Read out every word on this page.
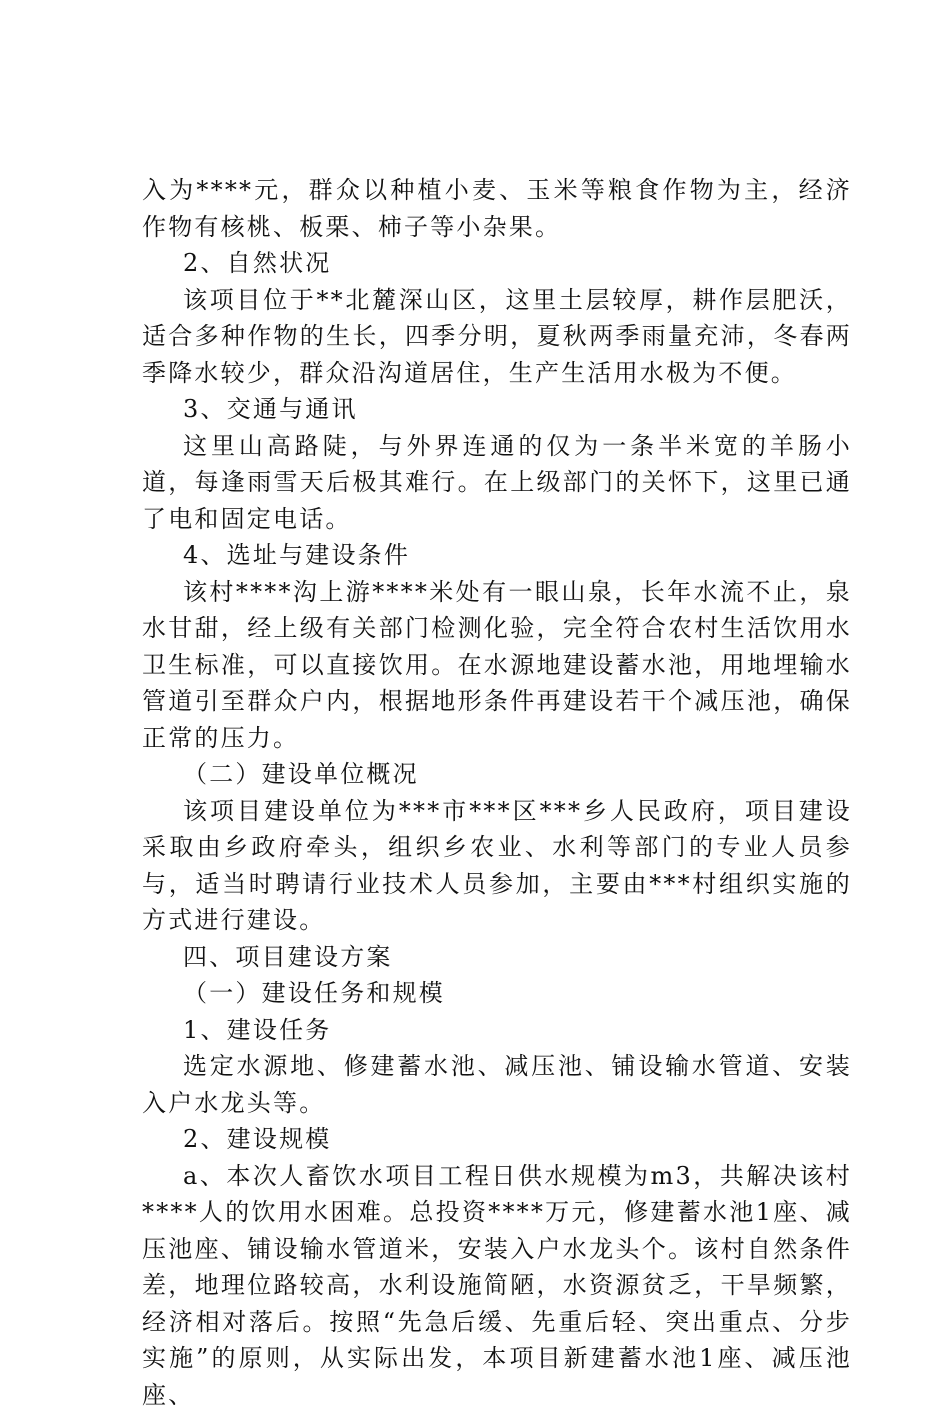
入为****元，群众以种植小麦、玉米等粮食作物为主，经济作物有核桃、板栗、柿子等小杂果。

2、自然状况

该项目位于**北麓深山区，这里土层较厚，耕作层肥沃，适合多种作物的生长，四季分明，夏秋两季雨量充沛，冬春两季降水较少，群众沿沟道居住，生产生活用水极为不便。

3、交通与通讯

这里山高路陡，与外界连通的仅为一条半米宽的羊肠小道，每逢雨雪天后极其难行。在上级部门的关怀下，这里已通了电和固定电话。

4、选址与建设条件

该村****沟上游****米处有一眼山泉，长年水流不止，泉水甘甜，经上级有关部门检测化验，完全符合农村生活饮用水卫生标准，可以直接饮用。在水源地建设蓄水池，用地埋输水管道引至群众户内，根据地形条件再建设若干个减压池，确保正常的压力。

（二）建设单位概况

该项目建设单位为***市***区***乡人民政府，项目建设采取由乡政府牵头，组织乡农业、水利等部门的专业人员参与，适当时聘请行业技术人员参加，主要由***村组织实施的方式进行建设。

四、项目建设方案

（一）建设任务和规模

1、建设任务

选定水源地、修建蓄水池、减压池、铺设输水管道、安装入户水龙头等。

2、建设规模

a、本次人畜饮水项目工程日供水规模为m3，共解决该村****人的饮用水困难。总投资****万元，修建蓄水池1座、减压池座、铺设输水管道米，安装入户水龙头个。该村自然条件差，地理位路较高，水利设施简陋，水资源贫乏，干旱频繁，经济相对落后。按照“先急后缓、先重后轻、突出重点、分步实施”的原则，从实际出发，本项目新建蓄水池1座、减压池座、
